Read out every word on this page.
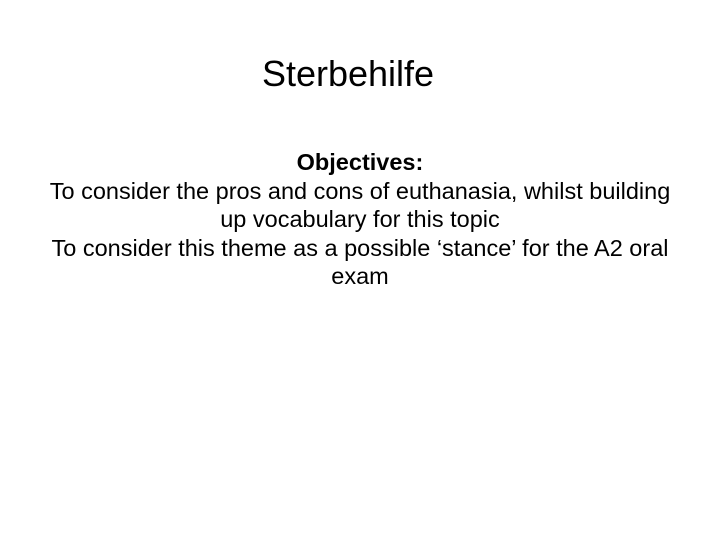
Sterbehilfe

Objectives:

To consider the pros and cons of euthanasia, whilst building up vocabulary for this topic

To consider this theme as a possible ‘stance’ for the A2 oral exam
